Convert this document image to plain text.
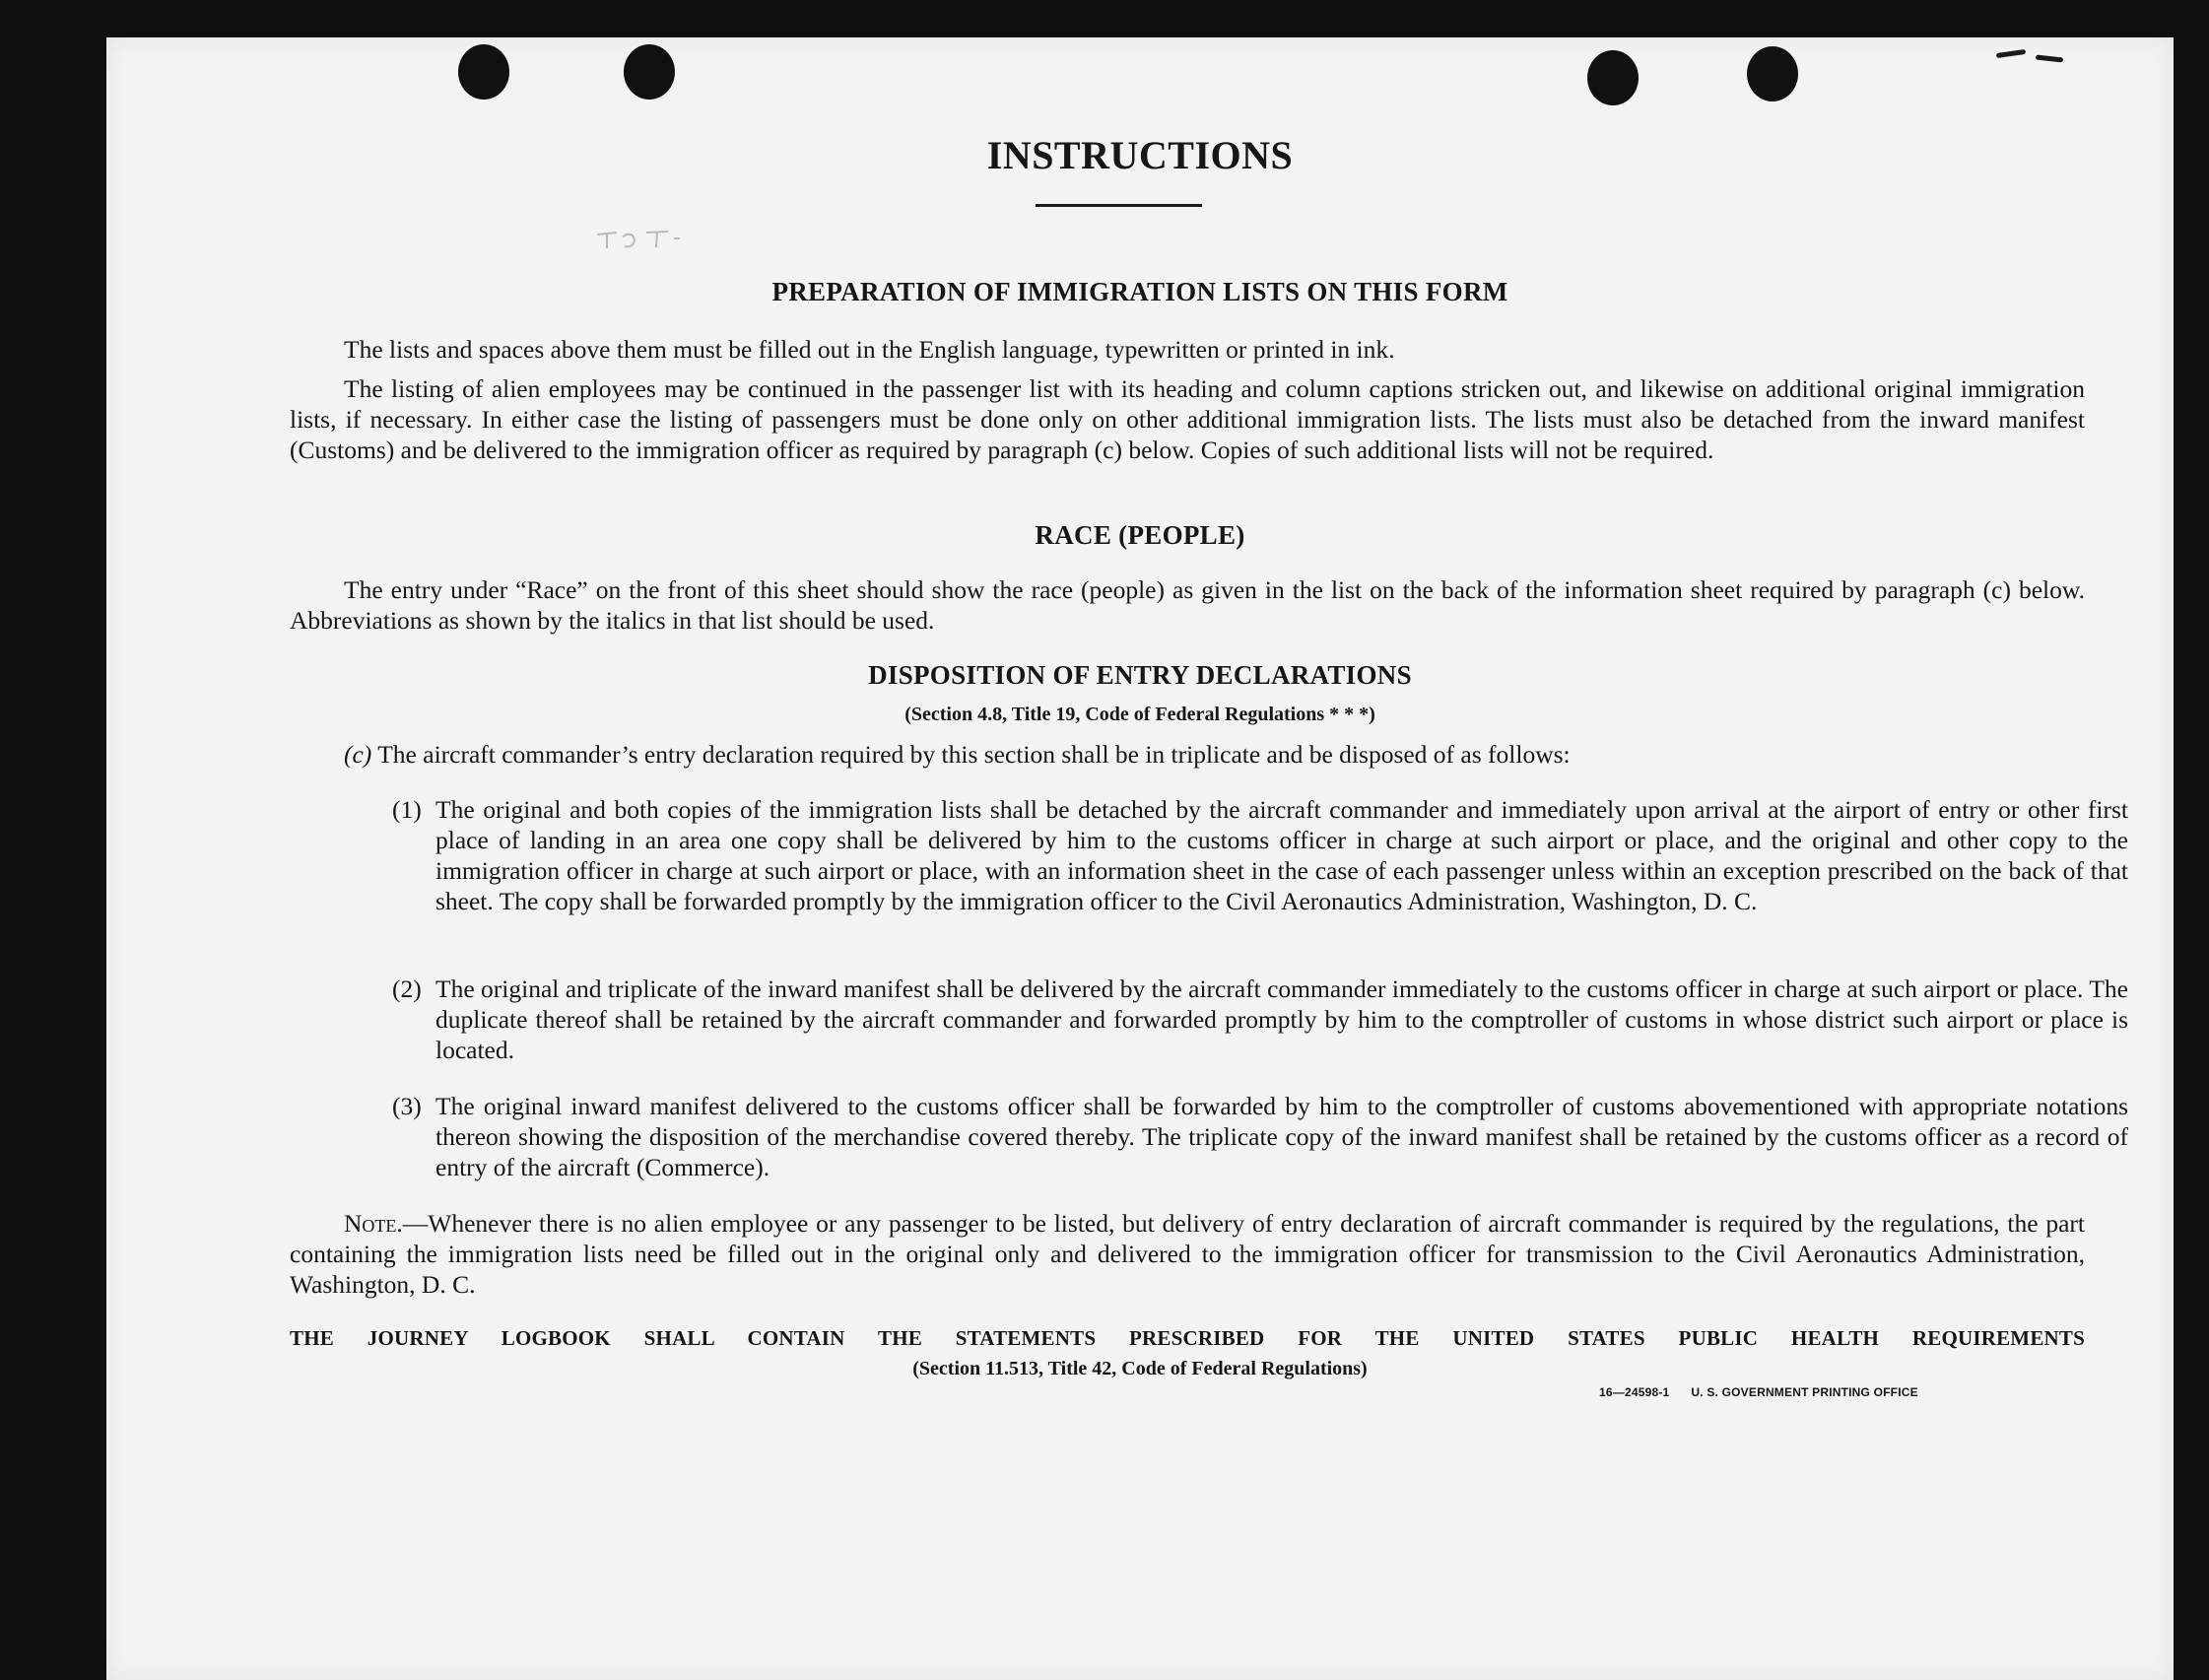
INSTRUCTIONS
PREPARATION OF IMMIGRATION LISTS ON THIS FORM
The lists and spaces above them must be filled out in the English language, typewritten or printed in ink.
The listing of alien employees may be continued in the passenger list with its heading and column captions stricken out, and likewise on additional original immigration lists, if necessary. In either case the listing of passengers must be done only on other additional immigration lists. The lists must also be detached from the inward manifest (Customs) and be delivered to the immigration officer as required by paragraph (c) below. Copies of such additional lists will not be required.
RACE (PEOPLE)
The entry under “Race” on the front of this sheet should show the race (people) as given in the list on the back of the information sheet required by paragraph (c) below. Abbreviations as shown by the italics in that list should be used.
DISPOSITION OF ENTRY DECLARATIONS
(Section 4.8, Title 19, Code of Federal Regulations * * *)
(c) The aircraft commander’s entry declaration required by this section shall be in triplicate and be disposed of as follows:
(1) The original and both copies of the immigration lists shall be detached by the aircraft commander and immediately upon arrival at the airport of entry or other first place of landing in an area one copy shall be delivered by him to the customs officer in charge at such airport or place, and the original and other copy to the immigration officer in charge at such airport or place, with an information sheet in the case of each passenger unless within an exception prescribed on the back of that sheet. The copy shall be forwarded promptly by the immigration officer to the Civil Aeronautics Administration, Washington, D. C.
(2) The original and triplicate of the inward manifest shall be delivered by the aircraft commander immediately to the customs officer in charge at such airport or place. The duplicate thereof shall be retained by the aircraft commander and forwarded promptly by him to the comptroller of customs in whose district such airport or place is located.
(3) The original inward manifest delivered to the customs officer shall be forwarded by him to the comptroller of customs abovementioned with appropriate notations thereon showing the disposition of the merchandise covered thereby. The triplicate copy of the inward manifest shall be retained by the customs officer as a record of entry of the aircraft (Commerce).
Note.—Whenever there is no alien employee or any passenger to be listed, but delivery of entry declaration of aircraft commander is required by the regulations, the part containing the immigration lists need be filled out in the original only and delivered to the immigration officer for transmission to the Civil Aeronautics Administration, Washington, D. C.
THE JOURNEY LOGBOOK SHALL CONTAIN THE STATEMENTS PRESCRIBED FOR THE UNITED STATES PUBLIC HEALTH REQUIREMENTS
(Section 11.513, Title 42, Code of Federal Regulations)
16—24598-1 U. S. GOVERNMENT PRINTING OFFICE
